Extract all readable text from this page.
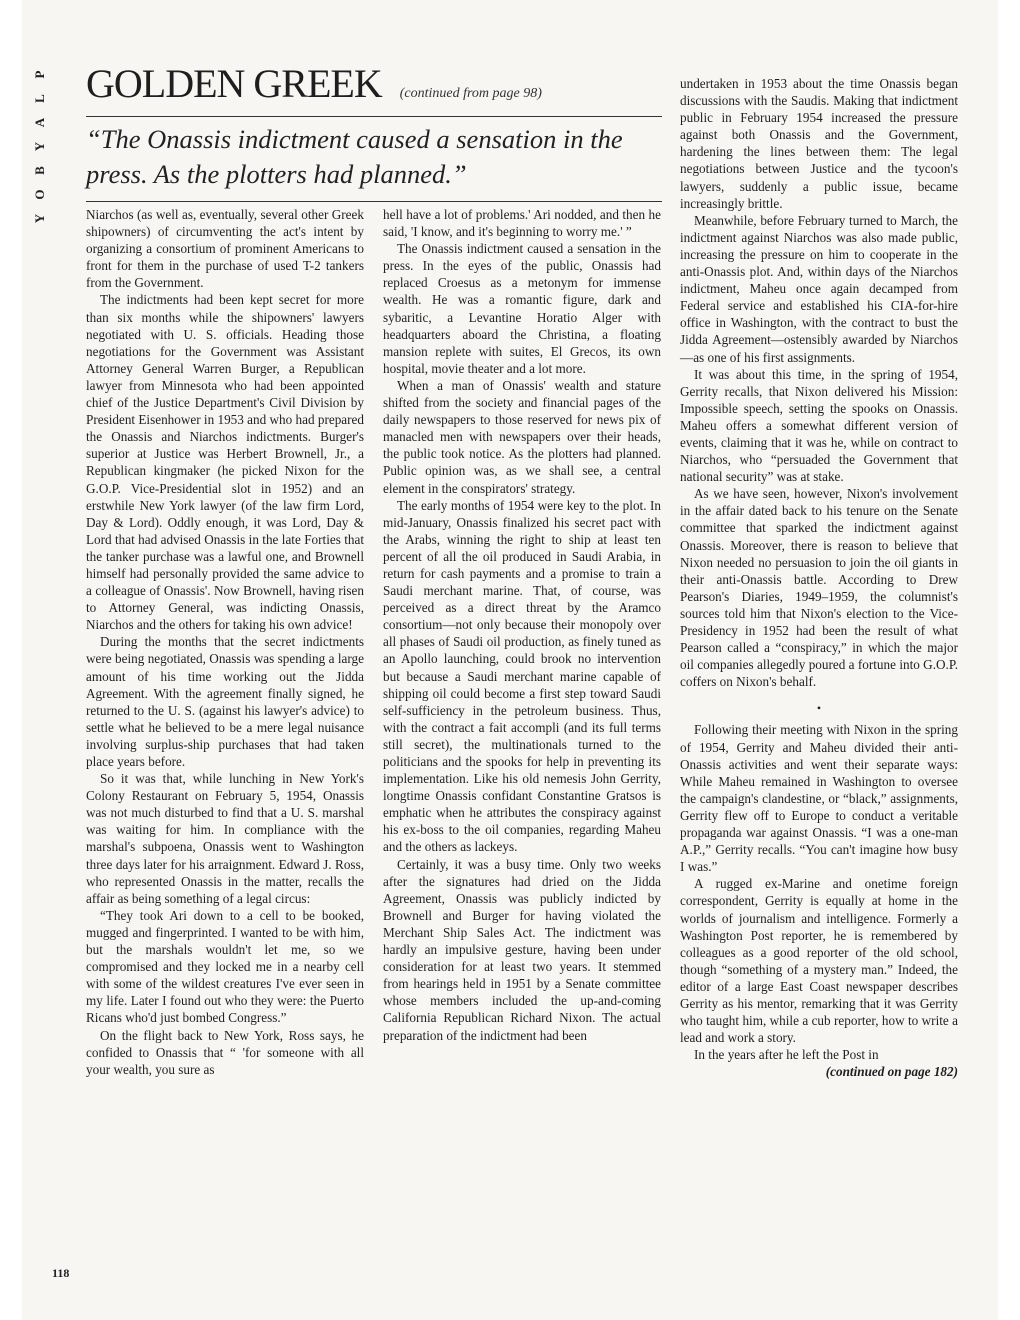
P
L
A
Y
B
O
Y
GOLDEN GREEK (continued from page 98)
“The Onassis indictment caused a sensation in the press. As the plotters had planned.”

Niarchos (as well as, eventually, several other Greek shipowners) of circumventing the act's intent by organizing a consortium of prominent Americans to front for them in the purchase of used T-2 tankers from the Government.

The indictments had been kept secret for more than six months while the shipowners' lawyers negotiated with U. S. officials. Heading those negotiations for the Government was Assistant Attorney General Warren Burger, a Republican lawyer from Minnesota who had been appointed chief of the Justice Department's Civil Division by President Eisenhower in 1953 and who had prepared the Onassis and Niarchos indictments. Burger's superior at Justice was Herbert Brownell, Jr., a Republican kingmaker (he picked Nixon for the G.O.P. Vice-Presidential slot in 1952) and an erstwhile New York lawyer (of the law firm Lord, Day & Lord). Oddly enough, it was Lord, Day & Lord that had advised Onassis in the late Forties that the tanker purchase was a lawful one, and Brownell himself had personally provided the same advice to a colleague of Onassis'. Now Brownell, having risen to Attorney General, was indicting Onassis, Niarchos and the others for taking his own advice!

During the months that the secret indictments were being negotiated, Onassis was spending a large amount of his time working out the Jidda Agreement. With the agreement finally signed, he returned to the U. S. (against his lawyer's advice) to settle what he believed to be a mere legal nuisance involving surplus-ship purchases that had taken place years before.

So it was that, while lunching in New York's Colony Restaurant on February 5, 1954, Onassis was not much disturbed to find that a U. S. marshal was waiting for him. In compliance with the marshal's subpoena, Onassis went to Washington three days later for his arraignment. Edward J. Ross, who represented Onassis in the matter, recalls the affair as being something of a legal circus:

“They took Ari down to a cell to be booked, mugged and fingerprinted. I wanted to be with him, but the marshals wouldn't let me, so we compromised and they locked me in a nearby cell with some of the wildest creatures I've ever seen in my life. Later I found out who they were: the Puerto Ricans who'd just bombed Congress.”

On the flight back to New York, Ross says, he confided to Onassis that “ 'for someone with all your wealth, you sure as

hell have a lot of problems.' Ari nodded, and then he said, 'I know, and it's beginning to worry me.' ”

The Onassis indictment caused a sensation in the press. In the eyes of the public, Onassis had replaced Croesus as a metonym for immense wealth. He was a romantic figure, dark and sybaritic, a Levantine Horatio Alger with headquarters aboard the Christina, a floating mansion replete with suites, El Grecos, its own hospital, movie theater and a lot more.

When a man of Onassis' wealth and stature shifted from the society and financial pages of the daily newspapers to those reserved for news pix of manacled men with newspapers over their heads, the public took notice. As the plotters had planned. Public opinion was, as we shall see, a central element in the conspirators' strategy.

The early months of 1954 were key to the plot. In mid-January, Onassis finalized his secret pact with the Arabs, winning the right to ship at least ten percent of all the oil produced in Saudi Arabia, in return for cash payments and a promise to train a Saudi merchant marine. That, of course, was perceived as a direct threat by the Aramco consortium—not only because their monopoly over all phases of Saudi oil production, as finely tuned as an Apollo launching, could brook no intervention but because a Saudi merchant marine capable of shipping oil could become a first step toward Saudi self-sufficiency in the petroleum business. Thus, with the contract a fait accompli (and its full terms still secret), the multinationals turned to the politicians and the spooks for help in preventing its implementation. Like his old nemesis John Gerrity, longtime Onassis confidant Constantine Gratsos is emphatic when he attributes the conspiracy against his ex-boss to the oil companies, regarding Maheu and the others as lackeys.

Certainly, it was a busy time. Only two weeks after the signatures had dried on the Jidda Agreement, Onassis was publicly indicted by Brownell and Burger for having violated the Merchant Ship Sales Act. The indictment was hardly an impulsive gesture, having been under consideration for at least two years. It stemmed from hearings held in 1951 by a Senate committee whose members included the up-and-coming California Republican Richard Nixon. The actual preparation of the indictment had been

undertaken in 1953 about the time Onassis began discussions with the Saudis. Making that indictment public in February 1954 increased the pressure against both Onassis and the Government, hardening the lines between them: The legal negotiations between Justice and the tycoon's lawyers, suddenly a public issue, became increasingly brittle.

Meanwhile, before February turned to March, the indictment against Niarchos was also made public, increasing the pressure on him to cooperate in the anti-Onassis plot. And, within days of the Niarchos indictment, Maheu once again decamped from Federal service and established his CIA-for-hire office in Washington, with the contract to bust the Jidda Agreement—ostensibly awarded by Niarchos—as one of his first assignments.

It was about this time, in the spring of 1954, Gerrity recalls, that Nixon delivered his Mission: Impossible speech, setting the spooks on Onassis. Maheu offers a somewhat different version of events, claiming that it was he, while on contract to Niarchos, who “persuaded the Government that national security” was at stake.

As we have seen, however, Nixon's involvement in the affair dated back to his tenure on the Senate committee that sparked the indictment against Onassis. Moreover, there is reason to believe that Nixon needed no persuasion to join the oil giants in their anti-Onassis battle. According to Drew Pearson's Diaries, 1949–1959, the columnist's sources told him that Nixon's election to the Vice-Presidency in 1952 had been the result of what Pearson called a “conspiracy,” in which the major oil companies allegedly poured a fortune into G.O.P. coffers on Nixon's behalf.

•

Following their meeting with Nixon in the spring of 1954, Gerrity and Maheu divided their anti-Onassis activities and went their separate ways: While Maheu remained in Washington to oversee the campaign's clandestine, or “black,” assignments, Gerrity flew off to Europe to conduct a veritable propaganda war against Onassis. “I was a one-man A.P.,” Gerrity recalls. “You can't imagine how busy I was.”

A rugged ex-Marine and onetime foreign correspondent, Gerrity is equally at home in the worlds of journalism and intelligence. Formerly a Washington Post reporter, he is remembered by colleagues as a good reporter of the old school, though “something of a mystery man.” Indeed, the editor of a large East Coast newspaper describes Gerrity as his mentor, remarking that it was Gerrity who taught him, while a cub reporter, how to write a lead and work a story.

In the years after he left the Post in

(continued on page 182)

118
